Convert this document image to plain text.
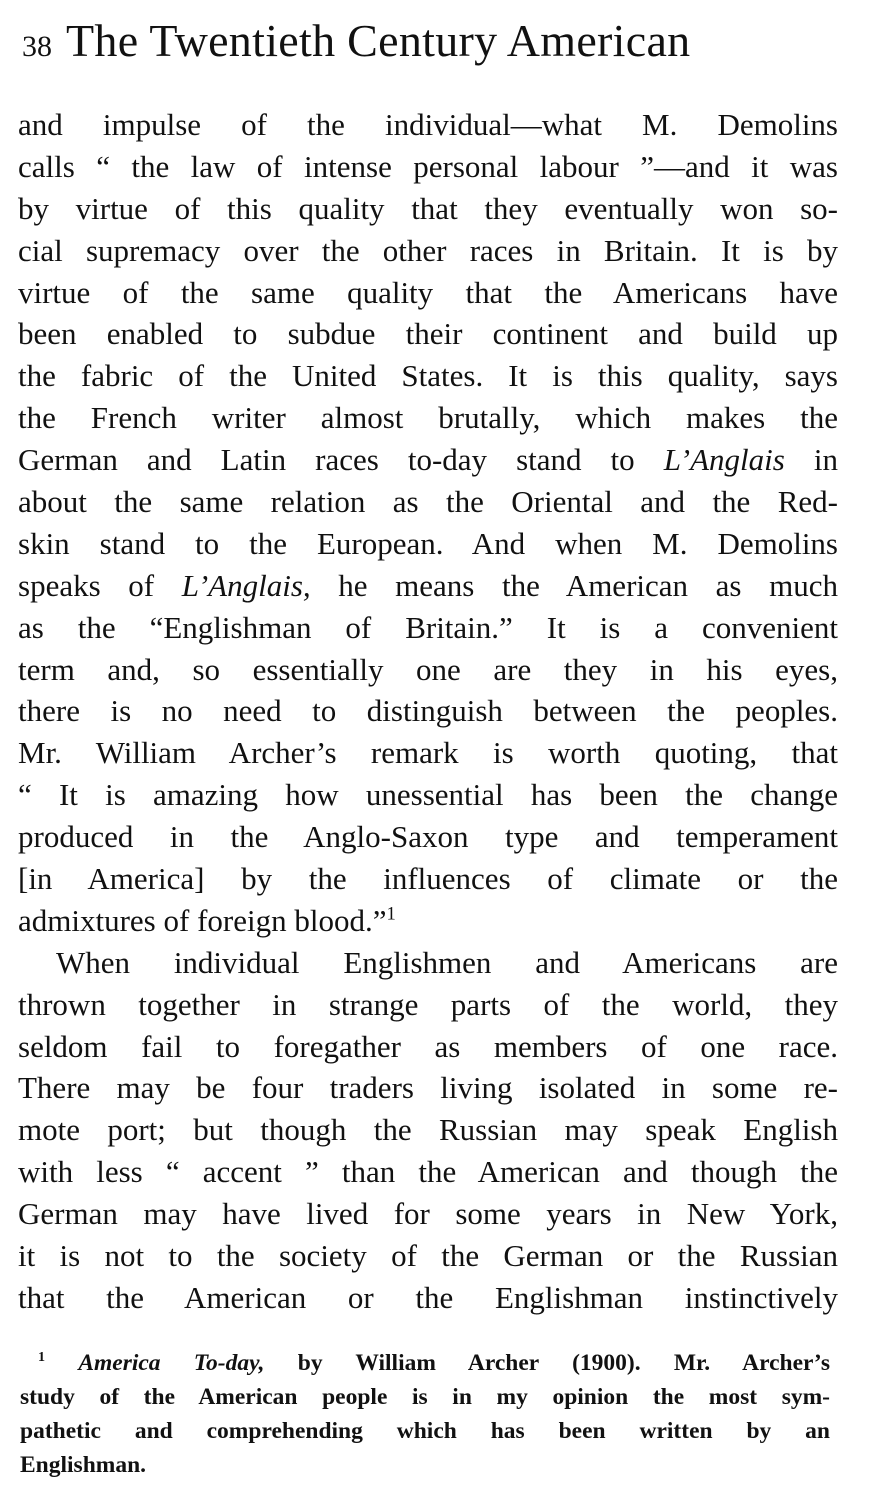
38 The Twentieth Century American
and impulse of the individual—what M. Demolins
calls “ the law of intense personal labour ”—and it was
by virtue of this quality that they eventually won so-
cial supremacy over the other races in Britain. It is by
virtue of the same quality that the Americans have
been enabled to subdue their continent and build up
the fabric of the United States. It is this quality, says
the French writer almost brutally, which makes the
German and Latin races to-day stand to L’Anglais in
about the same relation as the Oriental and the Red-
skin stand to the European. And when M. Demolins
speaks of L’Anglais, he means the American as much
as the “Englishman of Britain.” It is a convenient
term and, so essentially one are they in his eyes,
there is no need to distinguish between the peoples.
Mr. William Archer’s remark is worth quoting, that
“ It is amazing how unessential has been the change
produced in the Anglo-Saxon type and temperament
[in America] by the influences of climate or the
admixtures of foreign blood.”$^1$
When individual Englishmen and Americans are
thrown together in strange parts of the world, they
seldom fail to foregather as members of one race.
There may be four traders living isolated in some re-
mote port; but though the Russian may speak English
with less “ accent ” than the American and though the
German may have lived for some years in New York,
it is not to the society of the German or the Russian
that the American or the Englishman instinctively
$^1$ America To-day, by William Archer (1900). Mr. Archer’s
study of the American people is in my opinion the most sym-
pathetic and comprehending which has been written by an
Englishman.
